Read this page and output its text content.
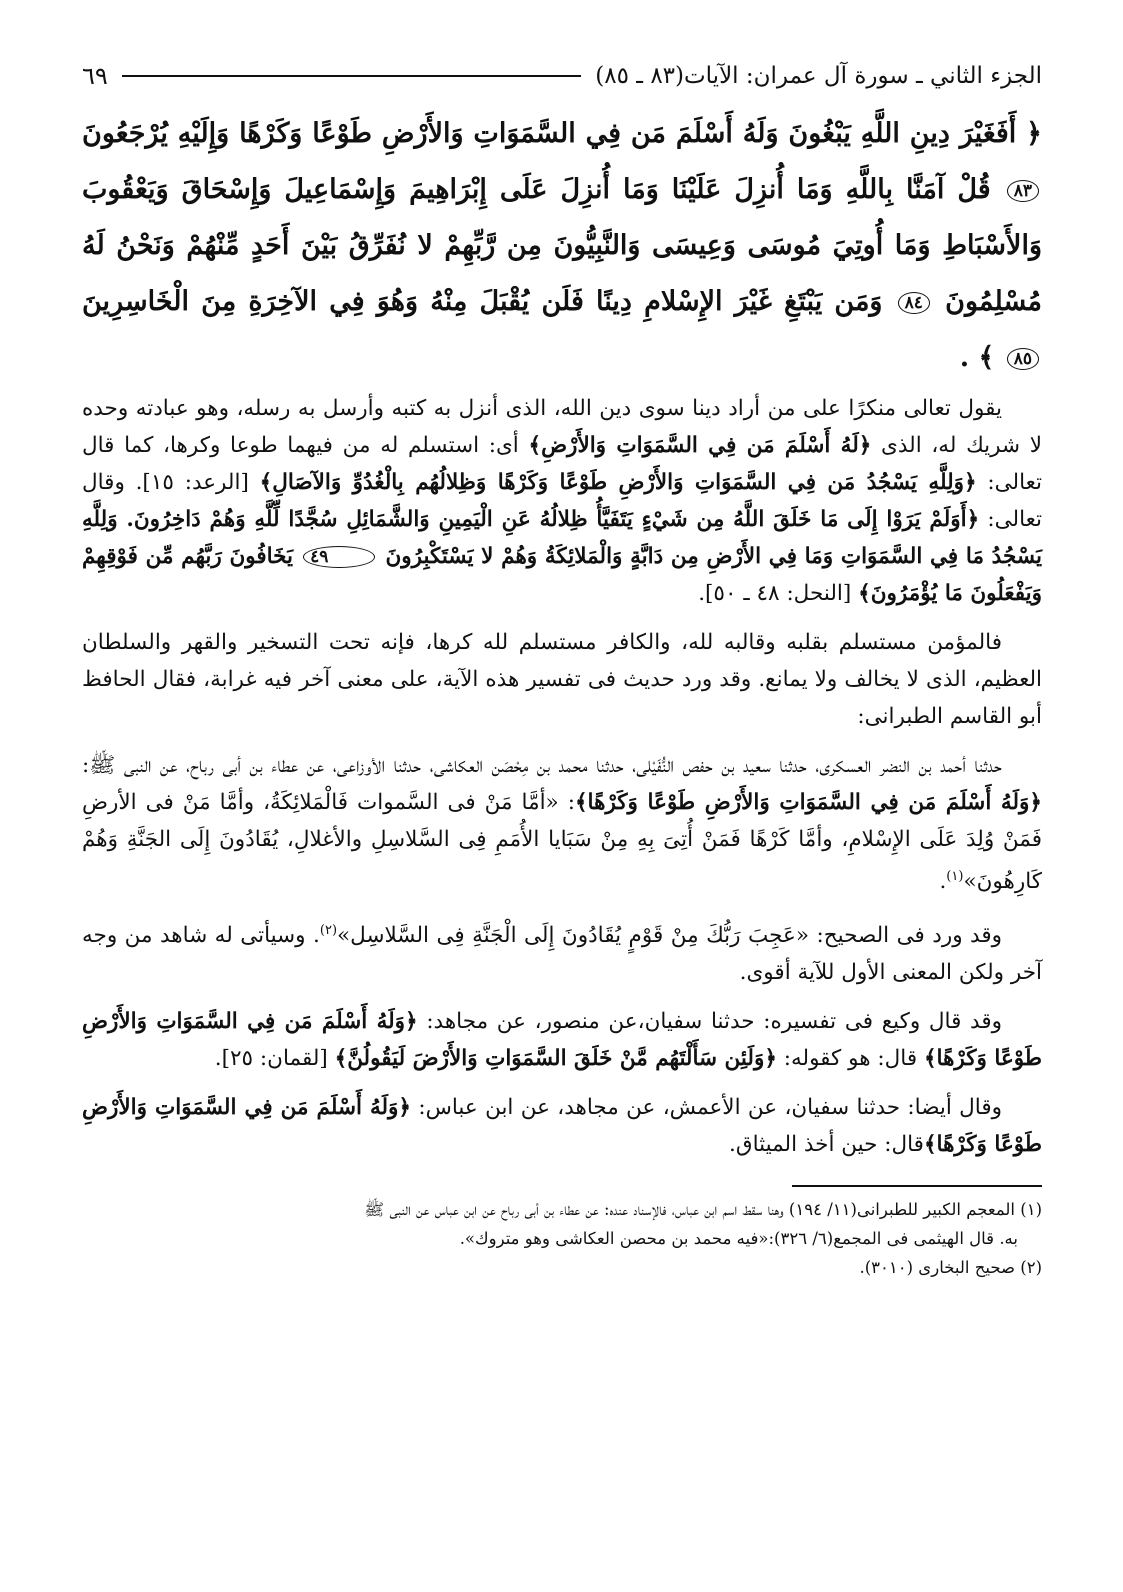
الجزء الثاني ـ سورة آل عمران: الآيات(٨٣ ـ ٨٥)
٦٩
﴿ أَفَغَيْرَ دِينِ اللَّهِ يَبْغُونَ وَلَهُ أَسْلَمَ مَن فِي السَّمَوَاتِ وَالأَرْضِ طَوْعًا وَكَرْهًا وَإِلَيْهِ يُرْجَعُونَ ٨٣ قُلْ آمَنَّا بِاللَّهِ وَمَا أُنزِلَ عَلَيْنَا وَمَا أُنزِلَ عَلَى إِبْرَاهِيمَ وَإِسْمَاعِيلَ وَإِسْحَاقَ وَيَعْقُوبَ وَالأَسْبَاطِ وَمَا أُوتِيَ مُوسَى وَعِيسَى وَالنَّبِيُّونَ مِن رَّبِّهِمْ لا نُفَرِّقُ بَيْنَ أَحَدٍ مِّنْهُمْ وَنَحْنُ لَهُ مُسْلِمُونَ ٨٤ وَمَن يَبْتَغِ غَيْرَ الإِسْلامِ دِينًا فَلَن يُقْبَلَ مِنْهُ وَهُوَ فِي الآخِرَةِ مِنَ الْخَاسِرِينَ ٨٥ ﴾ .
يقول تعالى منكرًا على من أراد دينا سوى دين الله، الذى أنزل به كتبه وأرسل به رسله، وهو عبادته وحده لا شريك له، الذى ﴿لَهُ أَسْلَمَ مَن فِي السَّمَوَاتِ وَالأَرْضِ﴾ أى: استسلم له من فيهما طوعا وكرها، كما قال تعالى: ﴿وَلِلَّهِ يَسْجُدُ مَن فِي السَّمَوَاتِ وَالأَرْضِ طَوْعًا وَكَرْهًا وَظِلالُهُم بِالْغُدُوِّ وَالآصَالِ﴾ [الرعد: ١٥]. وقال تعالى: ﴿أَوَلَمْ يَرَوْا إِلَى مَا خَلَقَ اللَّهُ مِن شَيْءٍ يَتَفَيَّأُ ظِلالُهُ عَنِ الْيَمِينِ وَالشَّمَائِلِ سُجَّدًا لِّلَّهِ وَهُمْ دَاخِرُونَ. وَلِلَّهِ يَسْجُدُ مَا فِي السَّمَوَاتِ وَمَا فِي الأَرْضِ مِن دَابَّةٍ وَالْمَلائِكَةُ وَهُمْ لا يَسْتَكْبِرُونَ ٤٩ يَخَافُونَ رَبَّهُم مِّن فَوْقِهِمْ وَيَفْعَلُونَ مَا يُؤْمَرُونَ﴾ [النحل: ٤٨ ـ ٥٠].
فالمؤمن مستسلم بقلبه وقالبه لله، والكافر مستسلم لله كرها، فإنه تحت التسخير والقهر والسلطان العظيم، الذى لا يخالف ولا يمانع. وقد ورد حديث فى تفسير هذه الآية، على معنى آخر فيه غرابة، فقال الحافظ أبو القاسم الطبرانى:
حدثنا أحمد بن النضر العسكرى، حدثنا سعيد بن حفص النُّفَيْلى، حدثنا محمد بن مِحْصَن العكاشى، حدثنا الأوزاعى، عن عطاء بن أبى رباح، عن النبى ﷺ: ﴿وَلَهُ أَسْلَمَ مَن فِي السَّمَوَاتِ وَالأَرْضِ طَوْعًا وَكَرْهًا﴾: «أمَّا مَنْ فى السَّموات فَالْمَلائِكَةُ، وأمَّا مَنْ فى الأرضِ فَمَنْ وُلِدَ عَلَى الإِسْلامِ، وأمَّا كَرْهًا فَمَنْ أُتِىَ بِهِ مِنْ سَبَايا الأُمَمِ فِى السَّلاسِلِ والأغلالِ، يُقَادُونَ إِلَى الجَنَّةِ وَهُمْ كَارِهُونَ»$^{(١)}$.
وقد ورد فى الصحيح: «عَجِبَ رَبُّكَ مِنْ قَوْمٍ يُقَادُونَ إِلَى الْجَنَّةِ فِى السَّلاسِل»$^{(٢)}$. وسيأتى له شاهد من وجه آخر ولكن المعنى الأول للآية أقوى.
وقد قال وكيع فى تفسيره: حدثنا سفيان،عن منصور، عن مجاهد: ﴿وَلَهُ أَسْلَمَ مَن فِي السَّمَوَاتِ وَالأَرْضِ طَوْعًا وَكَرْهًا﴾ قال: هو كقوله: ﴿وَلَئِن سَأَلْتَهُم مَّنْ خَلَقَ السَّمَوَاتِ وَالأَرْضَ لَيَقُولُنَّ﴾ [لقمان: ٢٥].
وقال أيضا: حدثنا سفيان، عن الأعمش، عن مجاهد، عن ابن عباس: ﴿وَلَهُ أَسْلَمَ مَن فِي السَّمَوَاتِ وَالأَرْضِ طَوْعًا وَكَرْهًا﴾قال: حين أخذ الميثاق.

(١) المعجم الكبير للطبرانى(١١/ ١٩٤) وهنا سقط اسم ابن عباس، فالإسناد عنده: عن عطاء بن أبى رباح عن ابن عباس عن النبى ﷺ

به. قال الهيثمى فى المجمع(٦/ ٣٢٦):«فيه محمد بن محصن العكاشى وهو متروك».

(٢) صحيح البخارى (٣٠١٠).
